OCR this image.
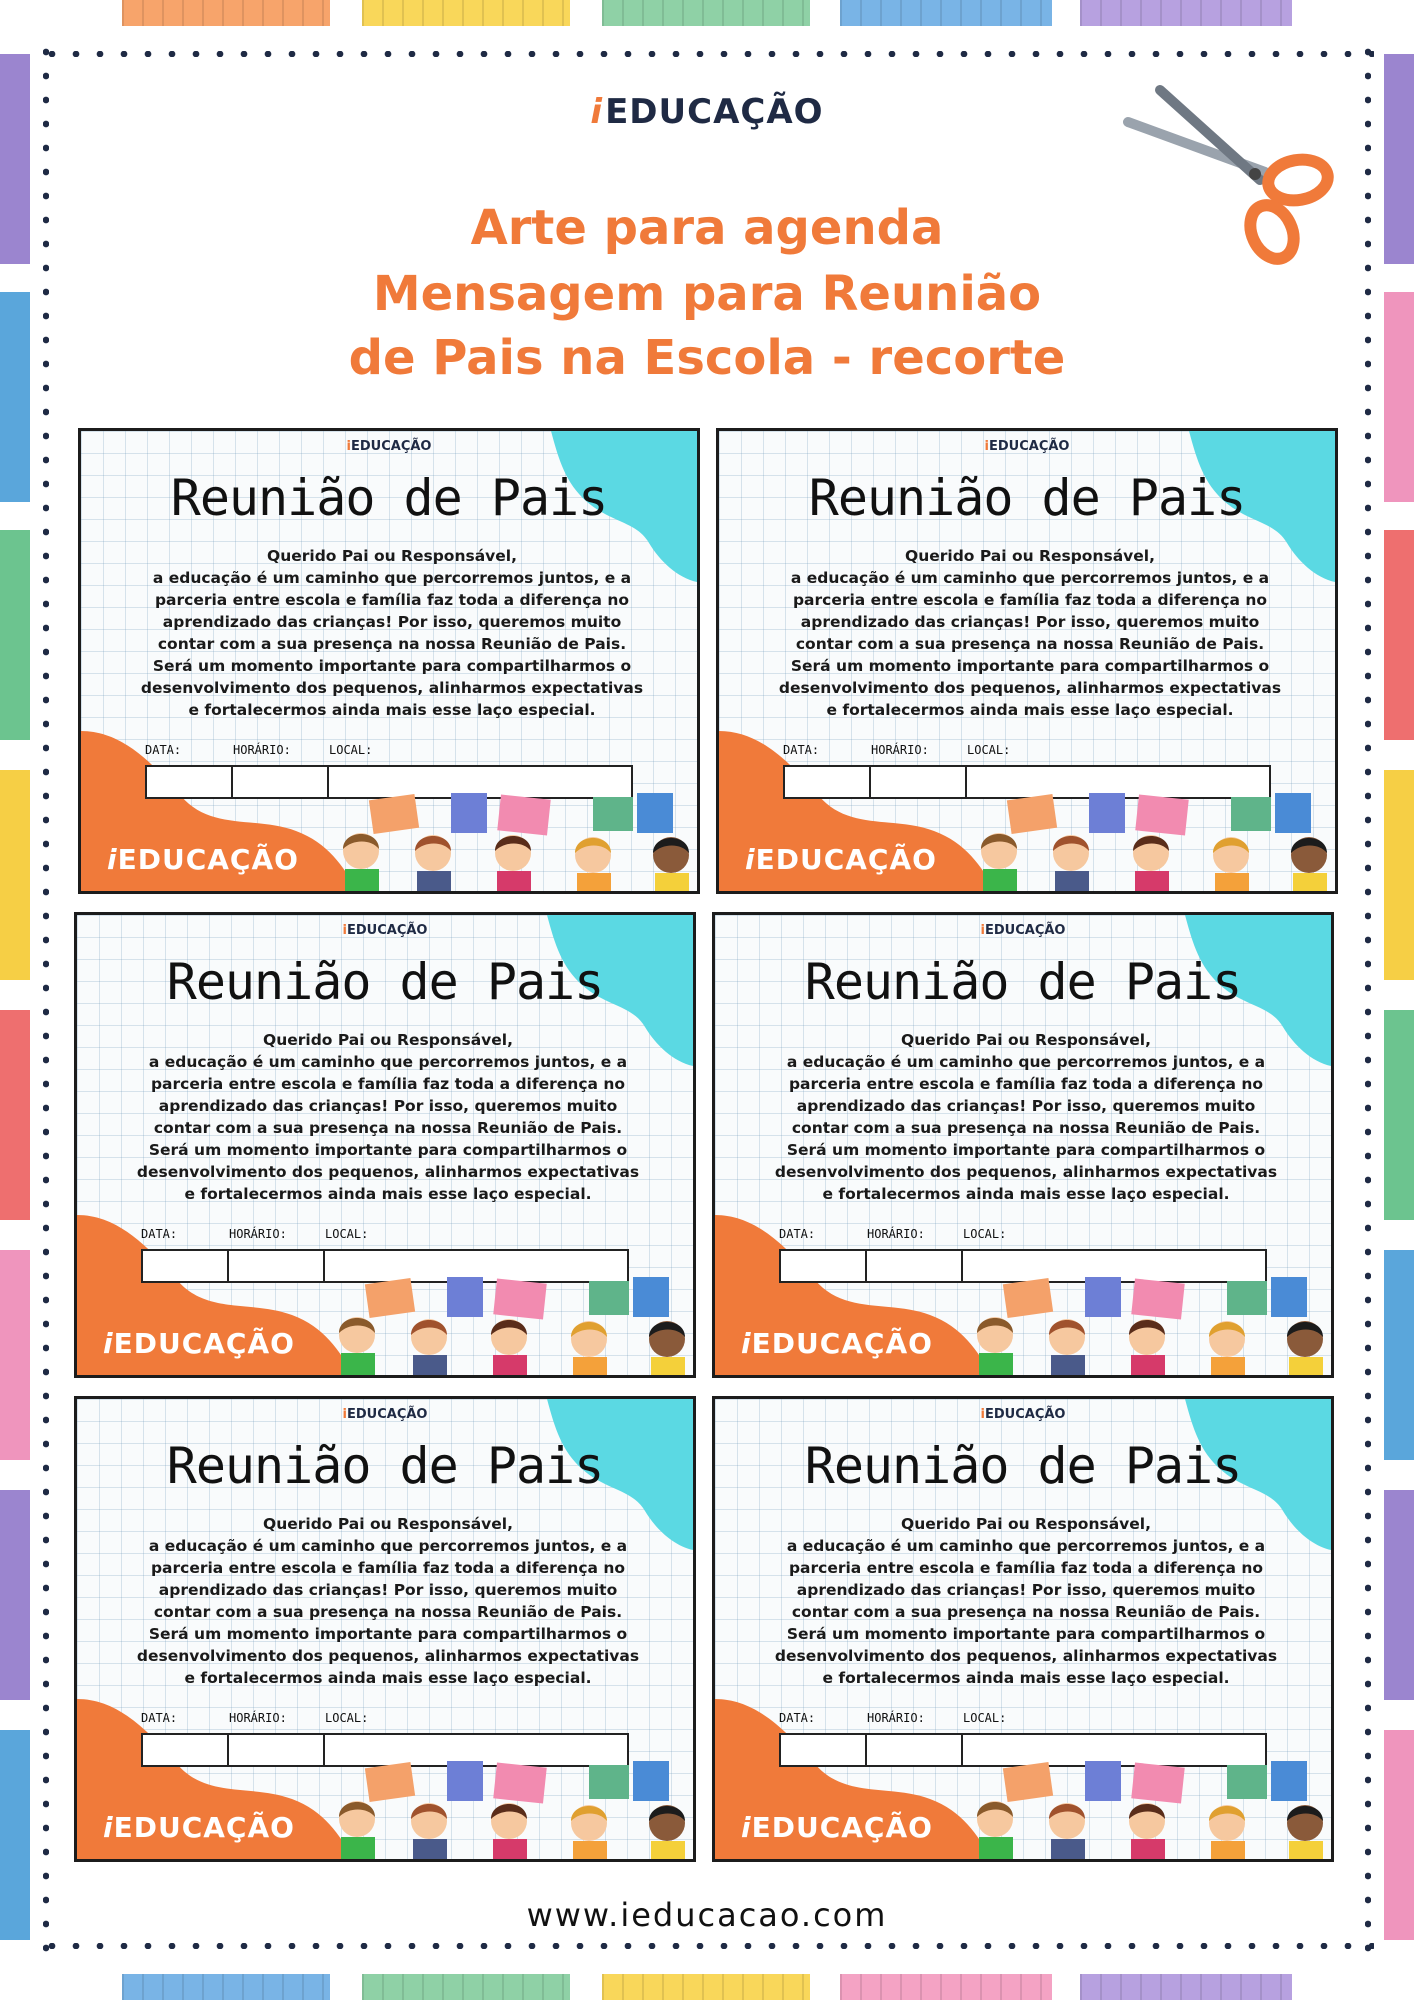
iEDUCAÇÃO
Arte para agenda
Mensagem para Reunião
de Pais na Escola - recorte
iEDUCAÇÃO
Reunião de Pais
Querido Pai ou Responsável,
a educação é um caminho que percorremos juntos, e a
parceria entre escola e família faz toda a diferença no
aprendizado das crianças! Por isso, queremos muito
contar com a sua presença na nossa Reunião de Pais.
Será um momento importante para compartilharmos o
desenvolvimento dos pequenos, alinharmos expectativas
e fortalecermos ainda mais esse laço especial.
DATA:	HORÁRIO:	LOCAL:
iEDUCAÇÃO
iEDUCAÇÃO
Reunião de Pais
Querido Pai ou Responsável,
a educação é um caminho que percorremos juntos, e a
parceria entre escola e família faz toda a diferença no
aprendizado das crianças! Por isso, queremos muito
contar com a sua presença na nossa Reunião de Pais.
Será um momento importante para compartilharmos o
desenvolvimento dos pequenos, alinharmos expectativas
e fortalecermos ainda mais esse laço especial.
DATA:	HORÁRIO:	LOCAL:
iEDUCAÇÃO
iEDUCAÇÃO
Reunião de Pais
Querido Pai ou Responsável,
a educação é um caminho que percorremos juntos, e a
parceria entre escola e família faz toda a diferença no
aprendizado das crianças! Por isso, queremos muito
contar com a sua presença na nossa Reunião de Pais.
Será um momento importante para compartilharmos o
desenvolvimento dos pequenos, alinharmos expectativas
e fortalecermos ainda mais esse laço especial.
DATA:	HORÁRIO:	LOCAL:
iEDUCAÇÃO
iEDUCAÇÃO
Reunião de Pais
Querido Pai ou Responsável,
a educação é um caminho que percorremos juntos, e a
parceria entre escola e família faz toda a diferença no
aprendizado das crianças! Por isso, queremos muito
contar com a sua presença na nossa Reunião de Pais.
Será um momento importante para compartilharmos o
desenvolvimento dos pequenos, alinharmos expectativas
e fortalecermos ainda mais esse laço especial.
DATA:	HORÁRIO:	LOCAL:
iEDUCAÇÃO
iEDUCAÇÃO
Reunião de Pais
Querido Pai ou Responsável,
a educação é um caminho que percorremos juntos, e a
parceria entre escola e família faz toda a diferença no
aprendizado das crianças! Por isso, queremos muito
contar com a sua presença na nossa Reunião de Pais.
Será um momento importante para compartilharmos o
desenvolvimento dos pequenos, alinharmos expectativas
e fortalecermos ainda mais esse laço especial.
DATA:	HORÁRIO:	LOCAL:
iEDUCAÇÃO
iEDUCAÇÃO
Reunião de Pais
Querido Pai ou Responsável,
a educação é um caminho que percorremos juntos, e a
parceria entre escola e família faz toda a diferença no
aprendizado das crianças! Por isso, queremos muito
contar com a sua presença na nossa Reunião de Pais.
Será um momento importante para compartilharmos o
desenvolvimento dos pequenos, alinharmos expectativas
e fortalecermos ainda mais esse laço especial.
DATA:	HORÁRIO:	LOCAL:
iEDUCAÇÃO
www.ieducacao.com
